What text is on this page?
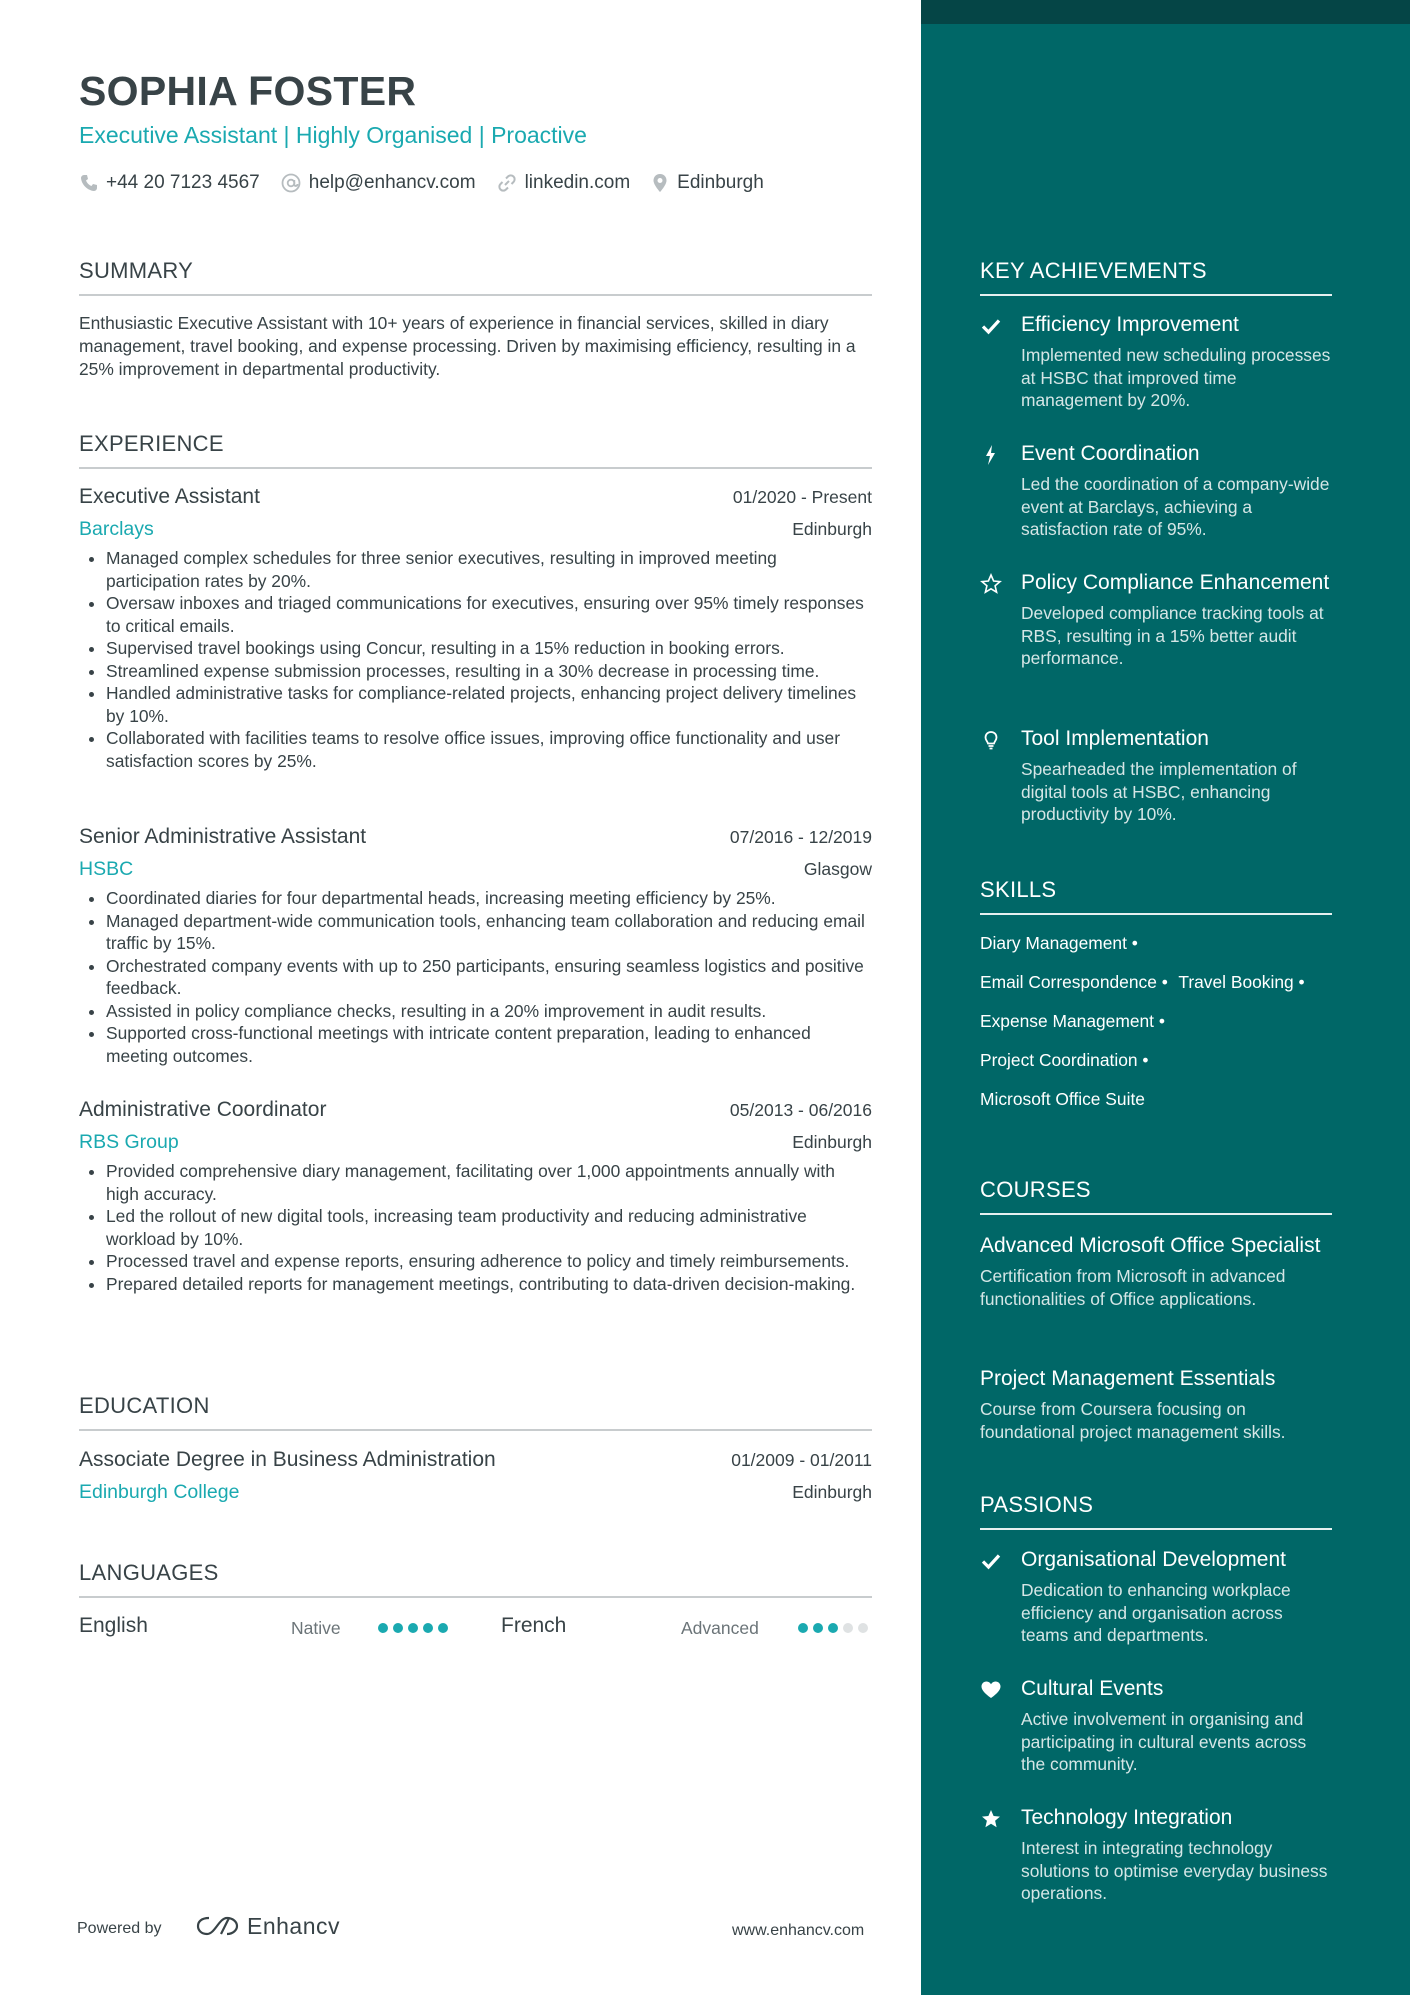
SOPHIA FOSTER
Executive Assistant | Highly Organised | Proactive
+44 20 7123 4567	help@enhancv.com	linkedin.com Edinburgh
SUMMARY
Enthusiastic Executive Assistant with 10+ years of experience in financial services, skilled in diary management, travel booking, and expense processing. Driven by maximising efficiency, resulting in a 25% improvement in departmental productivity.
EXPERIENCE
Executive Assistant	01/2020 - Present
Barclays	Edinburgh
• Managed complex schedules for three senior executives, resulting in improved meeting participation rates by 20%.
• Oversaw inboxes and triaged communications for executives, ensuring over 95% timely responses to critical emails.
• Supervised travel bookings using Concur, resulting in a 15% reduction in booking errors.
• Streamlined expense submission processes, resulting in a 30% decrease in processing time.
• Handled administrative tasks for compliance-related projects, enhancing project delivery timelines by 10%.
• Collaborated with facilities teams to resolve office issues, improving office functionality and user satisfaction scores by 25%.
Senior Administrative Assistant	07/2016 - 12/2019
HSBC	Glasgow
• Coordinated diaries for four departmental heads, increasing meeting efficiency by 25%.
• Managed department-wide communication tools, enhancing team collaboration and reducing email traffic by 15%.
• Orchestrated company events with up to 250 participants, ensuring seamless logistics and positive feedback.
• Assisted in policy compliance checks, resulting in a 20% improvement in audit results.
• Supported cross-functional meetings with intricate content preparation, leading to enhanced meeting outcomes.
Administrative Coordinator	05/2013 - 06/2016
RBS Group	Edinburgh
• Provided comprehensive diary management, facilitating over 1,000 appointments annually with high accuracy.
• Led the rollout of new digital tools, increasing team productivity and reducing administrative workload by 10%.
• Processed travel and expense reports, ensuring adherence to policy and timely reimbursements.
• Prepared detailed reports for management meetings, contributing to data-driven decision-making.
EDUCATION
Associate Degree in Business Administration	01/2009 - 01/2011
Edinburgh College	Edinburgh
LANGUAGES
English	Native	French	Advanced
Powered by	Enhancv	www.enhancv.com
KEY ACHIEVEMENTS
Efficiency Improvement
Implemented new scheduling processes at HSBC that improved time management by 20%.
Event Coordination
Led the coordination of a company-wide event at Barclays, achieving a satisfaction rate of 95%.
Policy Compliance Enhancement
Developed compliance tracking tools at RBS, resulting in a 15% better audit performance.
Tool Implementation
Spearheaded the implementation of digital tools at HSBC, enhancing productivity by 10%.
SKILLS
Diary Management •
Email Correspondence • Travel Booking •
Expense Management •
Project Coordination •
Microsoft Office Suite
COURSES
Advanced Microsoft Office Specialist
Certification from Microsoft in advanced functionalities of Office applications.
Project Management Essentials
Course from Coursera focusing on foundational project management skills.
PASSIONS
Organisational Development
Dedication to enhancing workplace efficiency and organisation across teams and departments.
Cultural Events
Active involvement in organising and participating in cultural events across the community.
Technology Integration
Interest in integrating technology solutions to optimise everyday business operations.
